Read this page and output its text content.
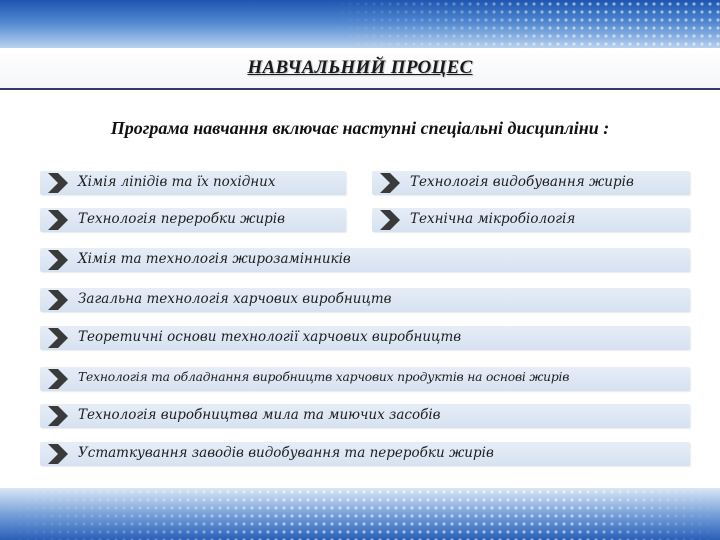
НАВЧАЛЬНИЙ ПРОЦЕС
Програма навчання включає наступні спеціальні дисципліни :
Хімія ліпідів та їх похідних	Технологія видобування жирів
Технологія переробки жирів	Технічна мікробіологія
Хімія та технологія жирозамінників
Загальна технологія харчових виробництв
Теоретичні основи технології харчових виробництв
Технологія та обладнання виробництв харчових продуктів на основі жирів
Технологія виробництва мила та миючих засобів
Устаткування заводів видобування та переробки жирів
